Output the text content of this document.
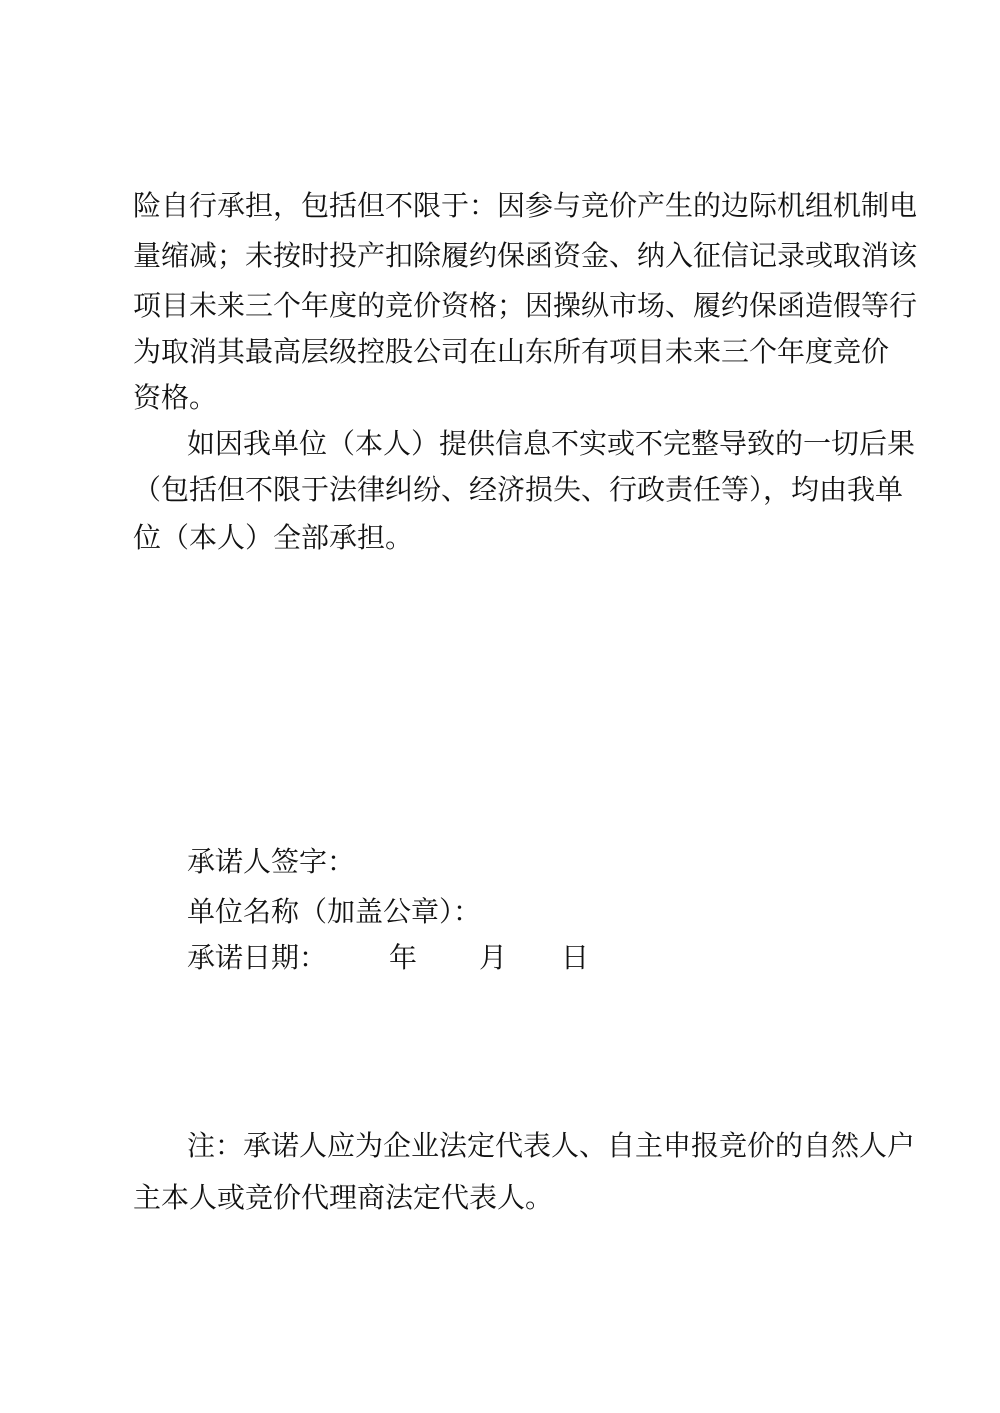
险自行承担，包括但不限于：因参与竞价产生的边际机组机制电
量缩减；未按时投产扣除履约保函资金、纳入征信记录或取消该
项目未来三个年度的竞价资格；因操纵市场、履约保函造假等行
为取消其最高层级控股公司在山东所有项目未来三个年度竞价
资格。
如因我单位（本人）提供信息不实或不完整导致的一切后果
（包括但不限于法律纠纷、经济损失、行政责任等），均由我单
位（本人）全部承担。
承诺人签字：
单位名称（加盖公章）：
承诺日期： 年 月 日
注：承诺人应为企业法定代表人、自主申报竞价的自然人户
主本人或竞价代理商法定代表人。
